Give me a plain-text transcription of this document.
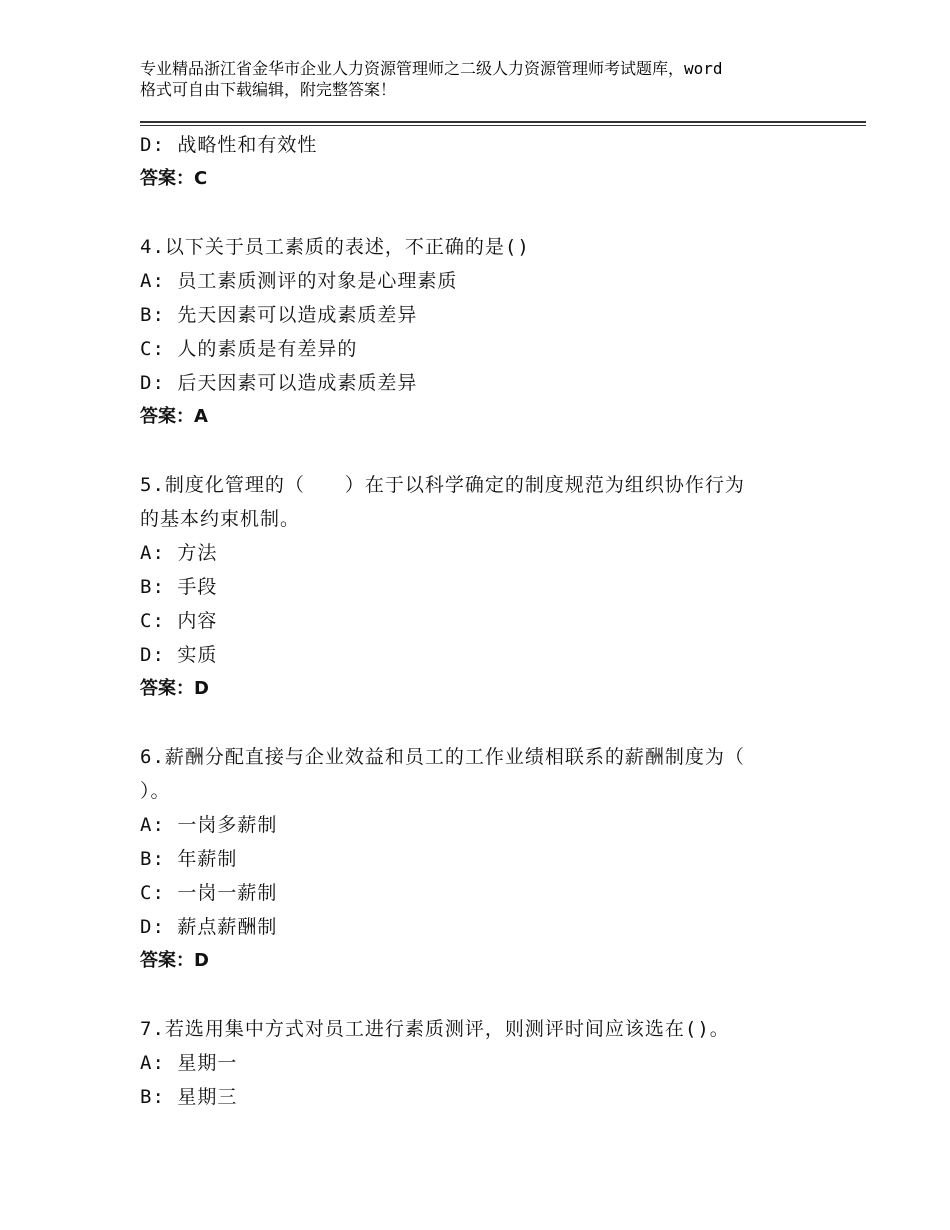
专业精品浙江省金华市企业人力资源管理师之二级人力资源管理师考试题库，word
格式可自由下载编辑，附完整答案！
D: 战略性和有效性
答案：C
4.以下关于员工素质的表述，不正确的是()
A: 员工素质测评的对象是心理素质
B: 先天因素可以造成素质差异
C: 人的素质是有差异的
D: 后天因素可以造成素质差异
答案：A
5.制度化管理的（　　）在于以科学确定的制度规范为组织协作行为
的基本约束机制。
A: 方法
B: 手段
C: 内容
D: 实质
答案：D
6.薪酬分配直接与企业效益和员工的工作业绩相联系的薪酬制度为（
）。
A: 一岗多薪制
B: 年薪制
C: 一岗一薪制
D: 薪点薪酬制
答案：D
7.若选用集中方式对员工进行素质测评，则测评时间应该选在()。
A: 星期一
B: 星期三
